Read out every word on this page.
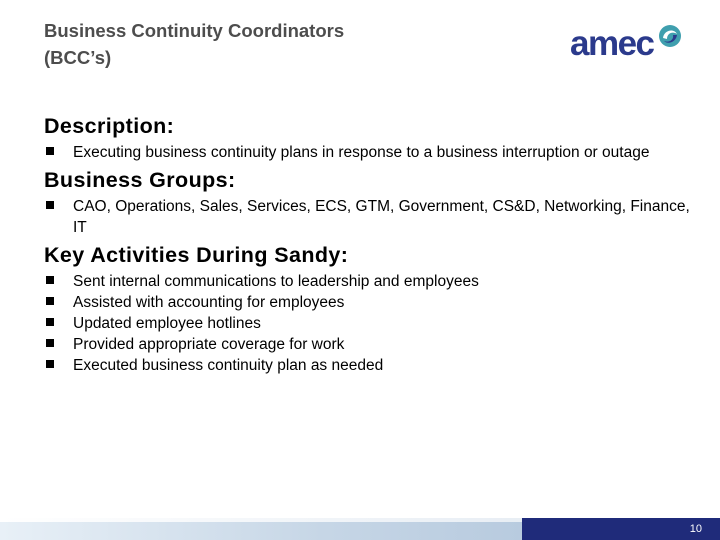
Business Continuity Coordinators
(BCC’s)	amec
Description:
Executing business continuity plans in response to a business interruption or outage
Business Groups:
CAO, Operations, Sales, Services, ECS, GTM, Government, CS&D, Networking, Finance, IT
Key Activities During Sandy:
Sent internal communications to leadership and employees
Assisted with accounting for employees
Updated employee hotlines
Provided appropriate coverage for work
Executed business continuity plan as needed
10
